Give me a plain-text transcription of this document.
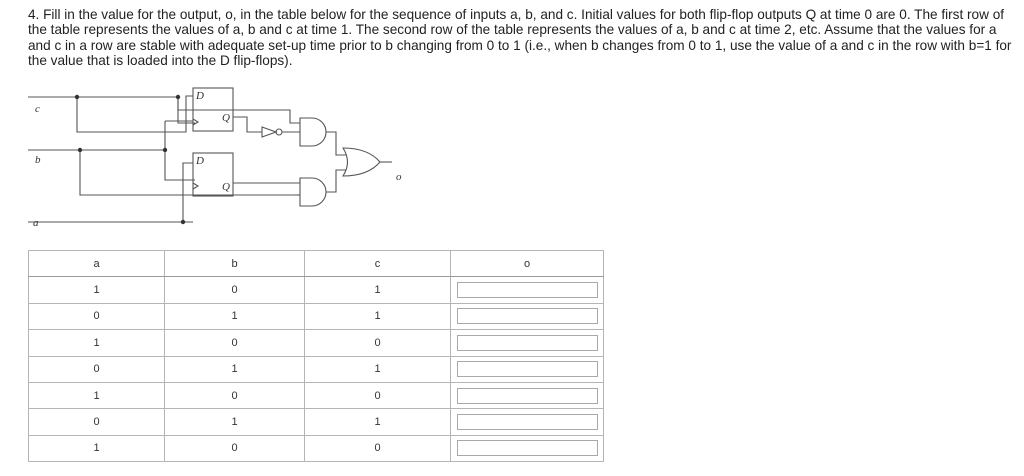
4. Fill in the value for the output, o, in the table below for the sequence of inputs a, b, and c. Initial values for both flip-flop outputs Q at time 0 are 0. The first row of the table represents the values of a, b and c at time 1. The second row of the table represents the values of a, b and c at time 2, etc. Assume that the values for a and c in a row are stable with adequate set-up time prior to b changing from 0 to 1 (i.e., when b changes from 0 to 1, use the value of a and c in the row with b=1 for the value that is loaded into the D flip-flops).

c
b
a
o
D
Q
D
Q
a	b	c	o
1	0	1	

0	1	1	

1	0	0	

0	1	1	

1	0	0	

0	1	1	

1	0	0	
